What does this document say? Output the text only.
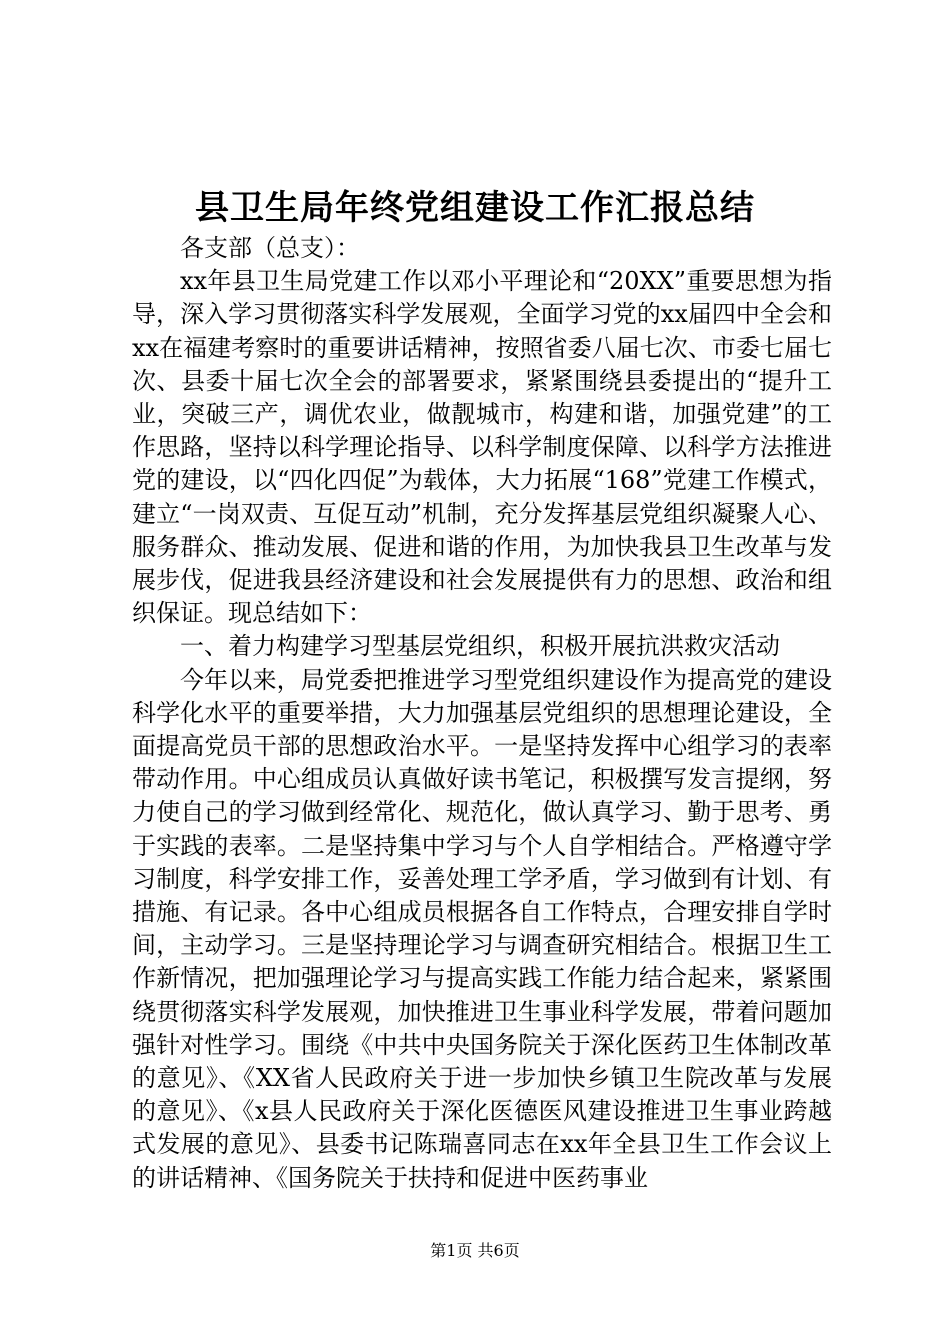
县卫生局年终党组建设工作汇报总结

各支部（总支）：

xx年县卫生局党建工作以邓小平理论和“20XX”重要思想为指导，深入学习贯彻落实科学发展观，全面学习党的xx届四中全会和xx在福建考察时的重要讲话精神，按照省委八届七次、市委七届七次、县委十届七次全会的部署要求，紧紧围绕县委提出的“提升工业，突破三产，调优农业，做靓城市，构建和谐，加强党建”的工作思路，坚持以科学理论指导、以科学制度保障、以科学方法推进党的建设，以“四化四促”为载体，大力拓展“168”党建工作模式，建立“一岗双责、互促互动”机制，充分发挥基层党组织凝聚人心、服务群众、推动发展、促进和谐的作用，为加快我县卫生改革与发展步伐，促进我县经济建设和社会发展提供有力的思想、政治和组织保证。现总结如下：

一、着力构建学习型基层党组织，积极开展抗洪救灾活动

今年以来，局党委把推进学习型党组织建设作为提高党的建设科学化水平的重要举措，大力加强基层党组织的思想理论建设，全面提高党员干部的思想政治水平。一是坚持发挥中心组学习的表率带动作用。中心组成员认真做好读书笔记，积极撰写发言提纲，努力使自己的学习做到经常化、规范化，做认真学习、勤于思考、勇于实践的表率。二是坚持集中学习与个人自学相结合。严格遵守学习制度，科学安排工作，妥善处理工学矛盾，学习做到有计划、有措施、有记录。各中心组成员根据各自工作特点，合理安排自学时间，主动学习。三是坚持理论学习与调查研究相结合。根据卫生工作新情况，把加强理论学习与提高实践工作能力结合起来，紧紧围绕贯彻落实科学发展观，加快推进卫生事业科学发展，带着问题加强针对性学习。围绕《中共中央国务院关于深化医药卫生体制改革的意见》、《XX省人民政府关于进一步加快乡镇卫生院改革与发展的意见》、《x县人民政府关于深化医德医风建设推进卫生事业跨越式发展的意见》、县委书记陈瑞喜同志在xx年全县卫生工作会议上的讲话精神、《国务院关于扶持和促进中医药事业

第1页 共6页
